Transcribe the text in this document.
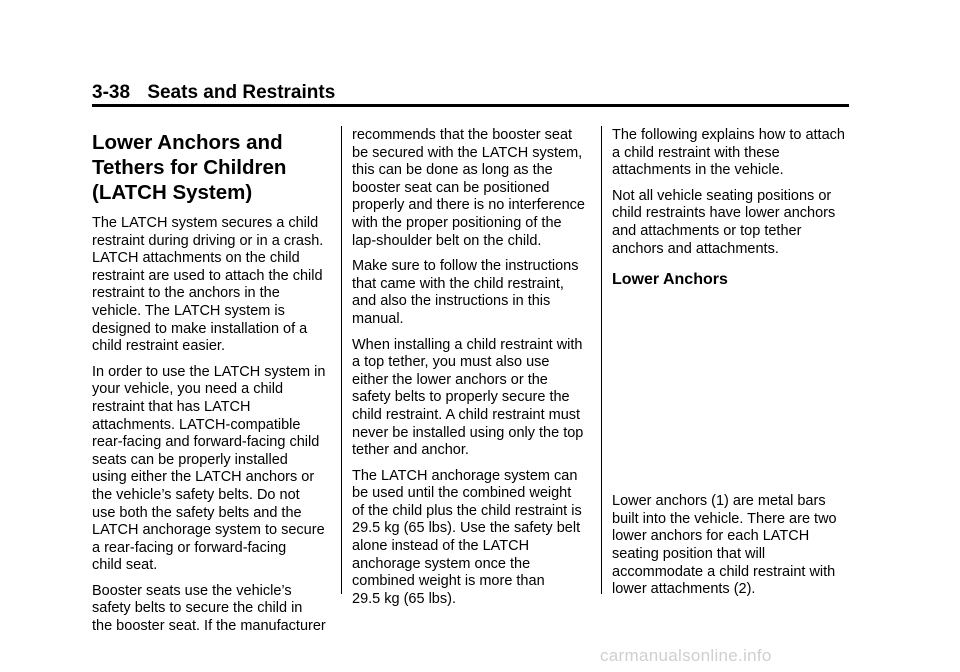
3-38 Seats and Restraints
Lower Anchors and
Tethers for Children
(LATCH System)

The LATCH system secures a child
restraint during driving or in a crash.
LATCH attachments on the child
restraint are used to attach the child
restraint to the anchors in the
vehicle. The LATCH system is
designed to make installation of a
child restraint easier.

In order to use the LATCH system in
your vehicle, you need a child
restraint that has LATCH
attachments. LATCH-compatible
rear-facing and forward-facing child
seats can be properly installed
using either the LATCH anchors or
the vehicle’s safety belts. Do not
use both the safety belts and the
LATCH anchorage system to secure
a rear-facing or forward-facing
child seat.

Booster seats use the vehicle’s
safety belts to secure the child in
the booster seat. If the manufacturer

recommends that the booster seat
be secured with the LATCH system,
this can be done as long as the
booster seat can be positioned
properly and there is no interference
with the proper positioning of the
lap-shoulder belt on the child.

Make sure to follow the instructions
that came with the child restraint,
and also the instructions in this
manual.

When installing a child restraint with
a top tether, you must also use
either the lower anchors or the
safety belts to properly secure the
child restraint. A child restraint must
never be installed using only the top
tether and anchor.

The LATCH anchorage system can
be used until the combined weight
of the child plus the child restraint is
29.5 kg (65 lbs). Use the safety belt
alone instead of the LATCH
anchorage system once the
combined weight is more than
29.5 kg (65 lbs).

The following explains how to attach
a child restraint with these
attachments in the vehicle.

Not all vehicle seating positions or
child restraints have lower anchors
and attachments or top tether
anchors and attachments.

Lower Anchors

Lower anchors (1) are metal bars
built into the vehicle. There are two
lower anchors for each LATCH
seating position that will
accommodate a child restraint with
lower attachments (2).

carmanualsonline.info
